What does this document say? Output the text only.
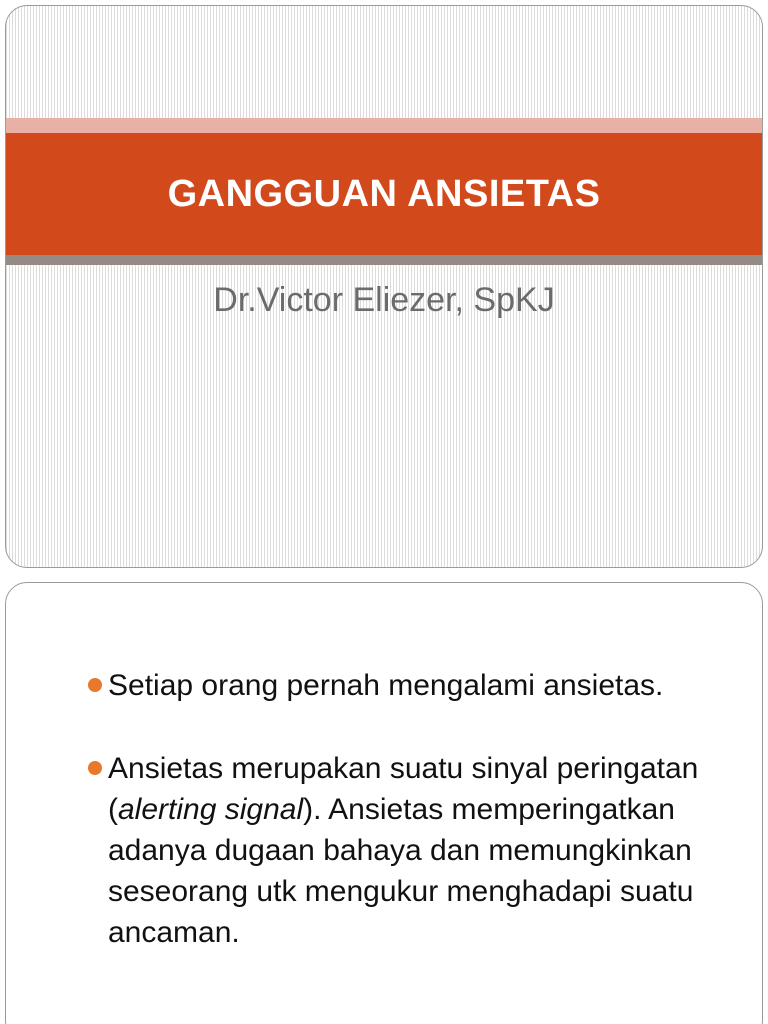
GANGGUAN ANSIETAS
Dr.Victor Eliezer, SpKJ
Setiap orang pernah mengalami ansietas.
Ansietas merupakan suatu sinyal peringatan (alerting signal). Ansietas memperingatkan adanya dugaan bahaya dan memungkinkan seseorang utk mengukur menghadapi suatu ancaman.
